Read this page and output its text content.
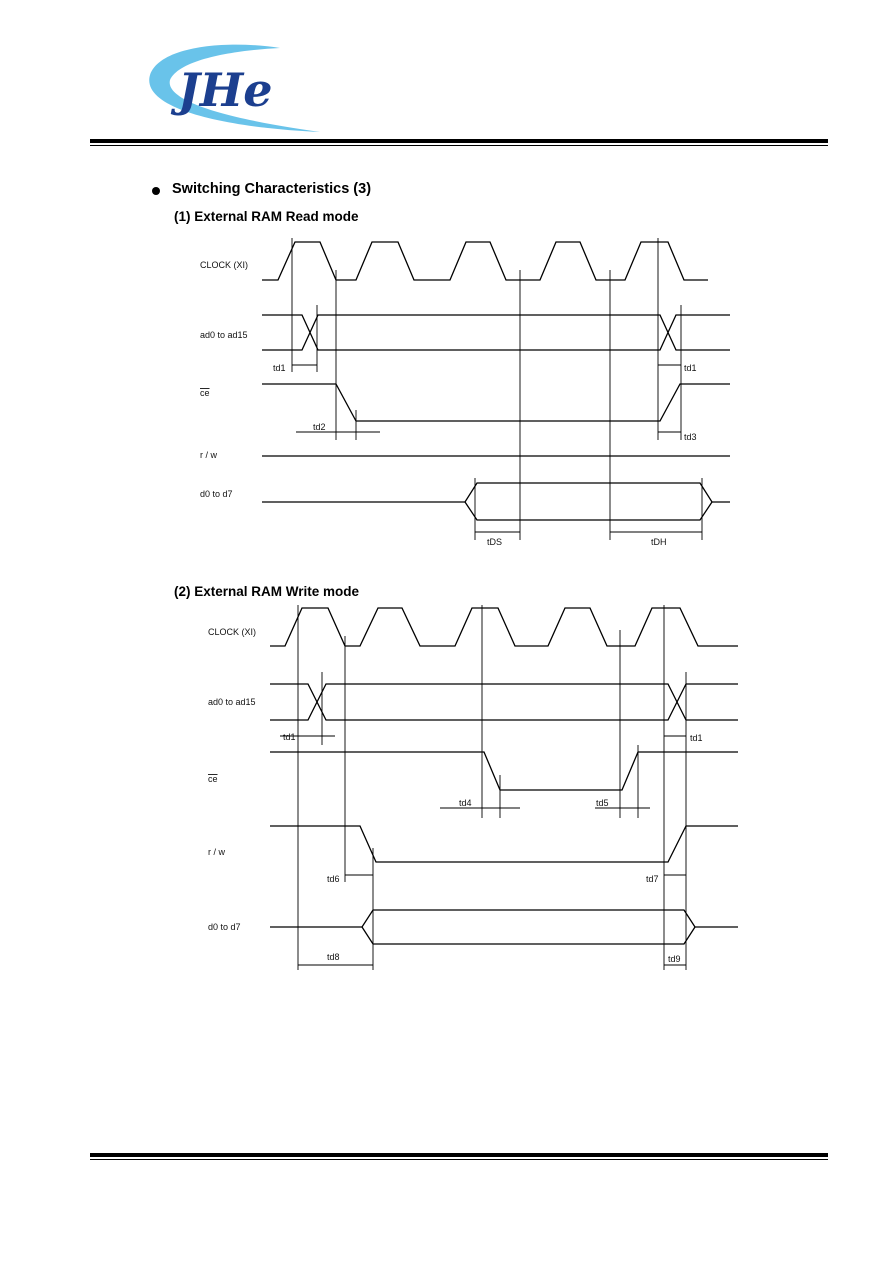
JHe
Switching Characteristics (3)
(1) External RAM Read mode
(2) External RAM Write mode
CLOCK (XI)
ad0 to ad15
ce
r / w
d0 to d7
td1
td2
td1
td3
tDS	tDH
CLOCK (XI)
ad0 to ad15
ce
r / w
d0 to d7
td1	td1
td4	td5
td6	td7
td8	td9
